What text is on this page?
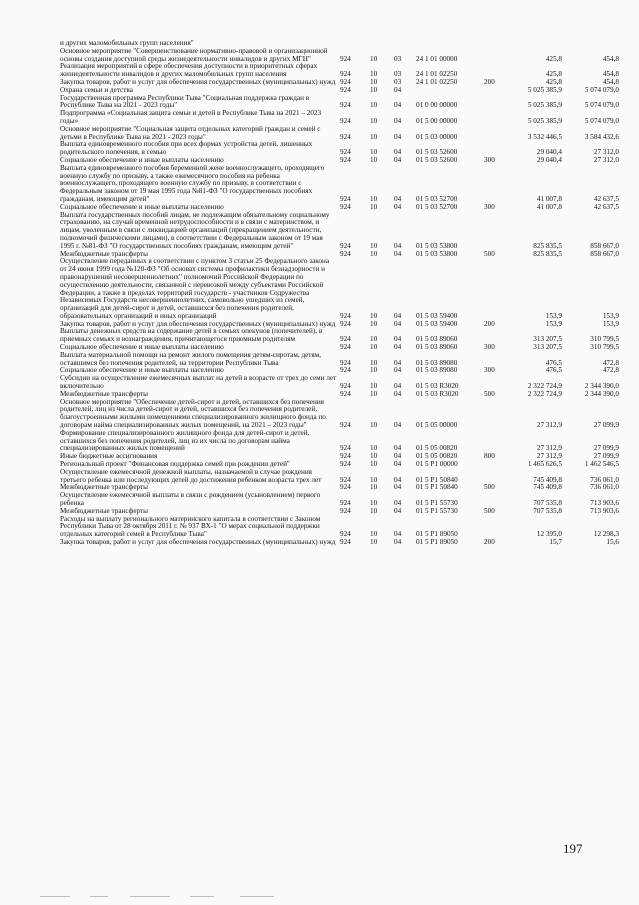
и других маломобильных групп населения"
Основное мероприятие "Совершенствование нормативно-правовой и организационной основы создания доступной среды жизнедеятельности инвалидов и других МГН"	924	10	03	24 1 01 00000	425,8	454,8
Реализация мероприятий в сфере обеспечения доступности в приоритетных сферах жизнедеятельности инвалидов и других маломобильных групп населения	924	10	03	24 1 01 02250	425,8	454,8
Закупка товаров, работ и услуг для обеспечения государственных (муниципальных) нужд 924	10	03	24 1 01 02250	200	425,8	454,8
Охрана семьи и детства	924	10	04	5 025 385,9	5 074 079,0
Государственная программа Республики Тыва "Социальная поддержка граждан в Республике Тыва на 2021 - 2023 годы"	924	10	04	01 0 00 00000	5 025 385,9	5 074 079,0
Подпрограмма «Социальная защита семьи и детей в Республике Тыва на 2021 – 2023 годы»	924	10	04	01 5 00 00000	5 025 385,9	5 074 079,0
Основное мероприятие "Социальная защита отдельных категорий граждан и семей с детьми в Республике Тыва на 2021 - 2023 годы"	924	10	04	01 5 03 00000	3 532 446,5	3 584 432,6
Выплата единовременного пособия при всех формах устройства детей, лишенных родительского попечения, в семью	924	10	04	01 5 03 52600	29 040,4	27 312,0
Социальное обеспечение и иные выплаты населению	924	10	04	01 5 03 52600	300	29 040,4	27 312,0
Выплата единовременного пособия беременной жене военнослужащего, проходящего военную службу по призыву, а также ежемесячного пособия на ребенка военнослужащего, проходящего военную службу по призыву, в соответствии с Федеральным законом от 19 мая 1995 года №81-ФЗ "О государственных пособиях гражданам, имеющим детей"	924	10	04	01 5 03 52700	41 007,8	42 637,5
Социальное обеспечение и иные выплаты населению	924	10	04	01 5 03 52700	300	41 007,8	42 637,5
Выплата государственных пособий лицам, не подлежащим обязательному социальному страхованию, на случай временной нетрудоспособности и в связи с материнством, и лицам, уволенным в связи с ликвидацией организаций (прекращением деятельности, полномочий физическими лицами), в соответствии с Федеральным законом от 19 мая 1995 г. №81-ФЗ "О государственных пособиях гражданам, имеющим детей"	924	10	04	01 5 03 53800	825 835,5	858 667,0
Межбюджетные трансферты	924	10	04	01 5 03 53800	500	825 835,5	858 667,0
Осуществление переданных в соответствии с пунктом 3 статьи 25 Федерального закона от 24 июня 1999 года №120-ФЗ "Об основах системы профилактики безнадзорности и правонарушений несовершеннолетних" полномочий Российской Федерации по осуществлению деятельности, связанной с перевозкой между субъектами Российской Федерации, а также в пределах территорий государств - участников Содружества Независимых Государств несовершеннолетних, самовольно ушедших из семей, организаций для детей-сирот и детей, оставшихся без попечения родителей, образовательных организаций и иных организаций	924	10	04	01 5 03 59400	153,9	153,9
Закупка товаров, работ и услуг для обеспечения государственных (муниципальных) нужд 924	10	04	01 5 03 59400	200	153,9	153,9
Выплаты денежных средств на содержание детей в семьях опекунов (попечителей), в приемных семьях и вознаграждения, причитающегося приемным родителям	924	10	04	01 5 03 89060	313 207,5	310 799,5
Социальное обеспечение и иные выплаты населению	924	10	04	01 5 03 89060	300	313 207,5	310 799,5
Выплата материальной помощи на ремонт жилого помещения детям-сиротам, детям, оставшимся без попечения родителей, на территории Республики Тыва	924	10	04	01 5 03 89080	476,5	472,8
Социальное обеспечение и иные выплаты населению	924	10	04	01 5 03 89080	300	476,5	472,8
Субсидии на осуществление ежемесячных выплат на детей в возрасте от трех до семи лет включительно	924	10	04	01 5 03 R3020	2 322 724,9	2 344 390,0
Межбюджетные трансферты	924	10	04	01 5 03 R3020	500	2 322 724,9	2 344 390,0
Основное мероприятие "Обеспечение детей-сирот и детей, оставшихся без попечения родителей, лиц из числа детей-сирот и детей, оставшихся без попечения родителей, благоустроенными жилыми помещениями специализированного жилищного фонда по договорам найма специализированных жилых помещений, на 2021 – 2023 годы"	924	10	04	01 5 05 00000	27 312,9	27 099,9
Формирование специализированного жилищного фонда для детей-сирот и детей, оставшихся без попечения родителей, лиц из их числа по договорам найма специализированных жилых помещений	924	10	04	01 5 05 00820	27 312,9	27 099,9
Иные бюджетные ассигнования	924	10	04	01 5 05 00820	800	27 312,9	27 099,9
Региональный проект "Финансовая поддержка семей при рождении детей"	924	10	04	01 5 P1 00000	1 465 626,5	1 462 546,5
Осуществление ежемесячной денежной выплаты, назначаемой в случае рождения третьего ребенка или последующих детей до достижения ребенком возраста трех лет	924	10	04	01 5 P1 50840	745 409,8	736 061,0
Межбюджетные трансферты	924	10	04	01 5 P1 50840	500	745 409,8	736 061,0
Осуществление ежемесячной выплаты в связи с рождением (усыновлением) первого ребенка	924	10	04	01 5 P1 55730	707 535,8	713 903,6
Межбюджетные трансферты	924	10	04	01 5 P1 55730	500	707 535,8	713 903,6
Расходы на выплату регионального материнского капитала в соответствии с Законом Республики Тыва от 28 октября 2011 г. № 937 ВХ-1 "О мерах социальной поддержки отдельных категорий семей в Республике Тыва"	924	10	04	01 5 P1 89050	12 395,0	12 298,3
Закупка товаров, работ и услуг для обеспечения государственных (муниципальных) нужд 924	10	04	01 5 P1 89050	200	15,7	15,6
197
